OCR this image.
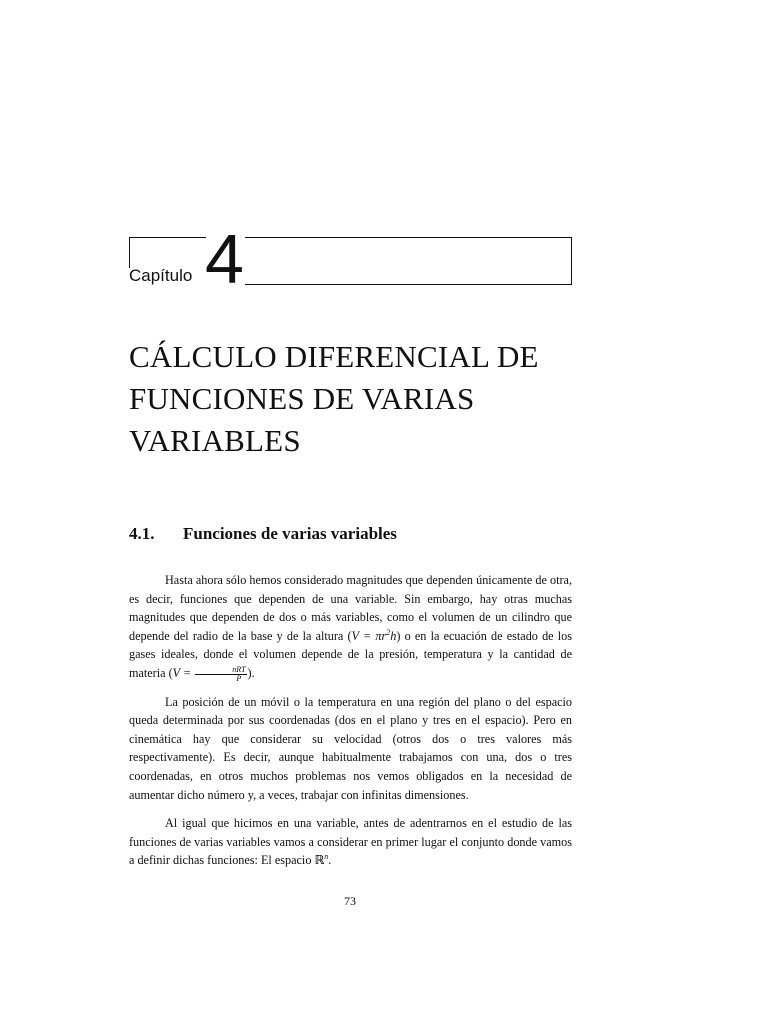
Capítulo 4
CÁLCULO DIFERENCIAL DE
FUNCIONES DE VARIAS
VARIABLES
4.1. Funciones de varias variables

Hasta ahora sólo hemos considerado magnitudes que dependen únicamente de otra, es decir, funciones que dependen de una variable. Sin embargo, hay otras muchas magnitudes que dependen de dos o más variables, como el volumen de un cilindro que depende del radio de la base y de la altura $(V = \pi r^2h)$ o en la ecuación de estado de los gases ideales, donde el volumen depende de la presión, temperatura y la cantidad de materia ($V = \frac{\text{nRT}}{P}$ ).

La posición de un móvil o la temperatura en una región del plano o del espacio queda determinada por sus coordenadas (dos en el plano y tres en el espacio). Pero en cinemática hay que considerar su velocidad (otros dos o tres valores más respectivamente). Es decir, aunque habitualmente trabajamos con una, dos o tres coordenadas, en otros muchos problemas nos vemos obligados en la necesidad de aumentar dicho número y, a veces, trabajar con infinitas dimensiones.

Al igual que hicimos en una variable, antes de adentrarnos en el estudio de las funciones de varias variables vamos a considerar en primer lugar el conjunto donde vamos a definir dichas funciones: El espacio ℝ$^n$.

73
